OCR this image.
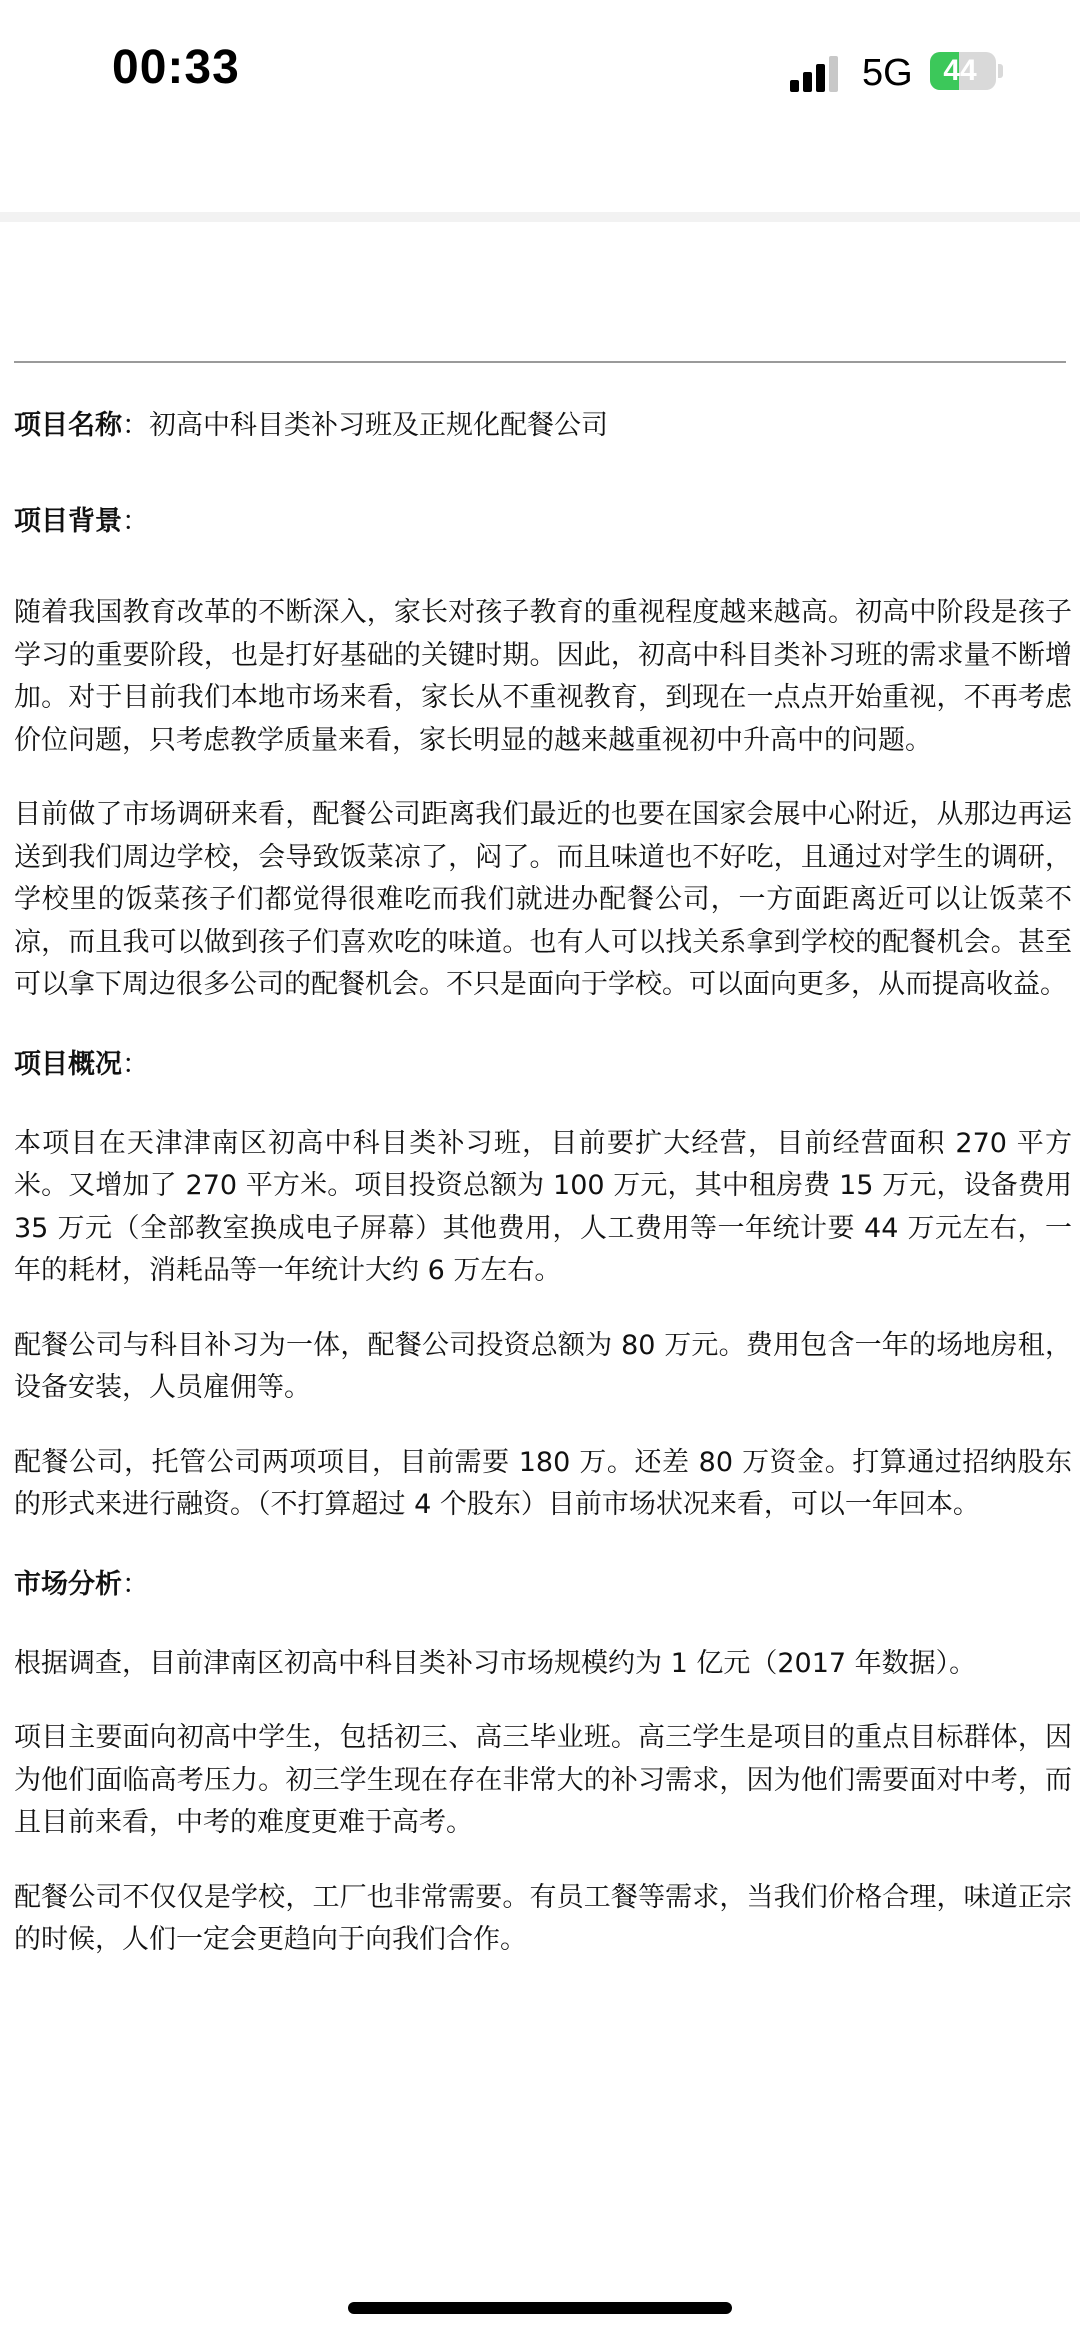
00:33	5G	44

项目名称：初高中科目类补习班及正规化配餐公司

项目背景：

随着我国教育改革的不断深入，家长对孩子教育的重视程度越来越高。初高中阶段是孩子学习的重要阶段，也是打好基础的关键时期。因此，初高中科目类补习班的需求量不断增加。对于目前我们本地市场来看，家长从不重视教育，到现在一点点开始重视，不再考虑价位问题，只考虑教学质量来看，家长明显的越来越重视初中升高中的问题。

目前做了市场调研来看，配餐公司距离我们最近的也要在国家会展中心附近，从那边再运送到我们周边学校，会导致饭菜凉了，闷了。而且味道也不好吃，且通过对学生的调研，学校里的饭菜孩子们都觉得很难吃而我们就进办配餐公司，一方面距离近可以让饭菜不凉，而且我可以做到孩子们喜欢吃的味道。也有人可以找关系拿到学校的配餐机会。甚至可以拿下周边很多公司的配餐机会。不只是面向于学校。可以面向更多，从而提高收益。

项目概况：

本项目在天津津南区初高中科目类补习班，目前要扩大经营，目前经营面积 270 平方米。又增加了 270 平方米。项目投资总额为 100 万元，其中租房费 15 万元，设备费用 35 万元（全部教室换成电子屏幕）其他费用，人工费用等一年统计要 44 万元左右，一年的耗材，消耗品等一年统计大约 6 万左右。

配餐公司与科目补习为一体，配餐公司投资总额为 80 万元。费用包含一年的场地房租，设备安装，人员雇佣等。

配餐公司，托管公司两项项目，目前需要 180 万。还差 80 万资金。打算通过招纳股东的形式来进行融资。（不打算超过 4 个股东）目前市场状况来看，可以一年回本。

市场分析：

根据调查，目前津南区初高中科目类补习市场规模约为 1 亿元（2017 年数据）。

项目主要面向初高中学生，包括初三、高三毕业班。高三学生是项目的重点目标群体，因为他们面临高考压力。初三学生现在存在非常大的补习需求，因为他们需要面对中考，而且目前来看，中考的难度更难于高考。

配餐公司不仅仅是学校，工厂也非常需要。有员工餐等需求，当我们价格合理，味道正宗的时候，人们一定会更趋向于向我们合作。
